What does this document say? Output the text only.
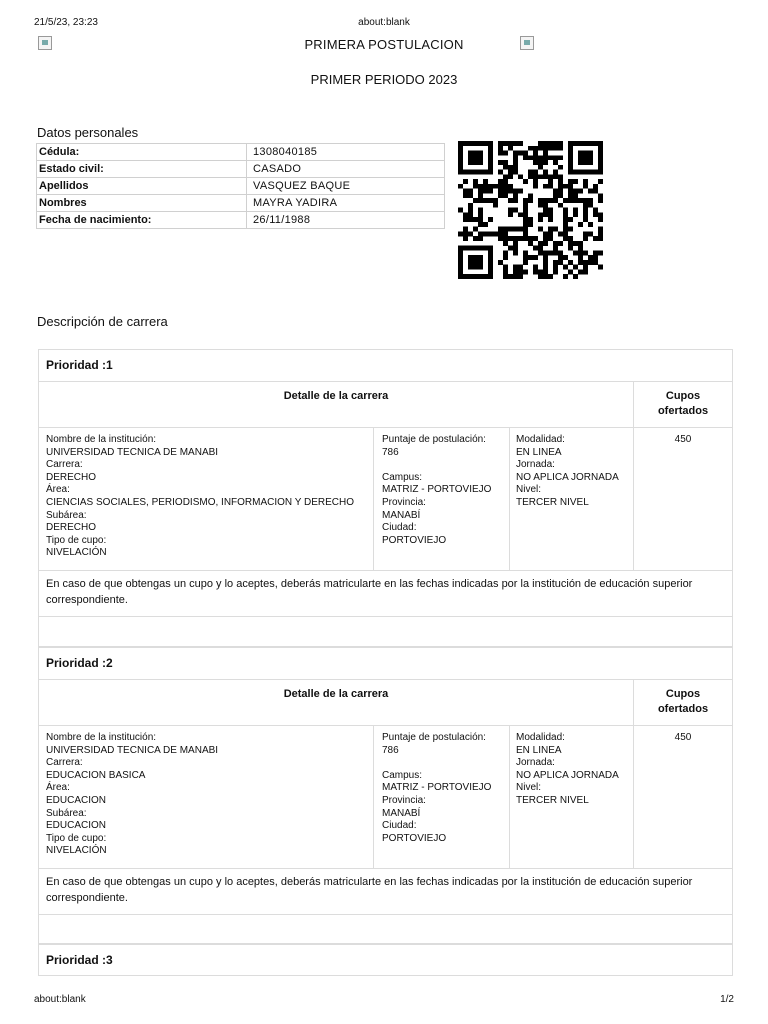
21/5/23, 23:23	about:blank
PRIMERA POSTULACION
PRIMER PERIODO 2023
Datos personales
Cédula:	1308040185
Estado civil:	CASADO
Apellidos	VASQUEZ BAQUE
Nombres	MAYRA YADIRA
Fecha de nacimiento:	26/11/1988
Descripción de carrera
Prioridad :1
Detalle de la carrera	Cupos
ofertados
Nombre de la institución:
UNIVERSIDAD TECNICA DE MANABI
Carrera:
DERECHO
Área:
CIENCIAS SOCIALES, PERIODISMO, INFORMACION Y DERECHO
Subárea:
DERECHO
Tipo de cupo:
NIVELACIÓN
Puntaje de postulación:
786
Campus:
MATRIZ - PORTOVIEJO
Provincia:
MANABÍ
Ciudad:
PORTOVIEJO
Modalidad:
EN LINEA
Jornada:
NO APLICA JORNADA
Nivel:
TERCER NIVEL
450
En caso de que obtengas un cupo y lo aceptes, deberás matricularte en las fechas indicadas por la institución de educación superior correspondiente.
Prioridad :2
Detalle de la carrera	Cupos
ofertados
Nombre de la institución:
UNIVERSIDAD TECNICA DE MANABI
Carrera:
EDUCACION BASICA
Área:
EDUCACION
Subárea:
EDUCACION
Tipo de cupo:
NIVELACIÓN
Puntaje de postulación:
786
Campus:
MATRIZ - PORTOVIEJO
Provincia:
MANABÍ
Ciudad:
PORTOVIEJO
Modalidad:
EN LINEA
Jornada:
NO APLICA JORNADA
Nivel:
TERCER NIVEL
450
En caso de que obtengas un cupo y lo aceptes, deberás matricularte en las fechas indicadas por la institución de educación superior correspondiente.
Prioridad :3
about:blank	1/2
